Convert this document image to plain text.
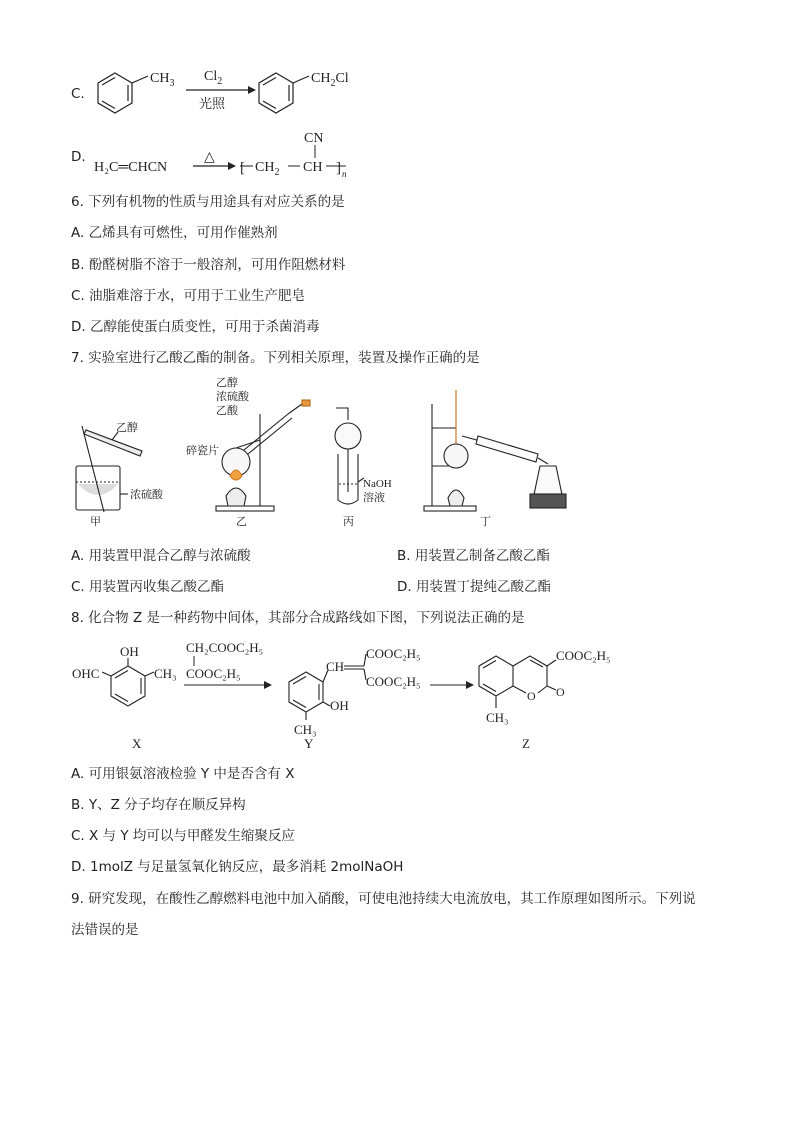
C.
$CH_3$ $Cl_2$
光照
$CH_2Cl$
D.
H₂C═CHCN
△
[ $CH_2$ CH
CN
] n
6. 下列有机物的性质与用途具有对应关系的是
A. 乙烯具有可燃性，可用作催熟剂
B. 酚醛树脂不溶于一般溶剂，可用作阻燃材料
C. 油脂难溶于水，可用于工业生产肥皂
D. 乙醇能使蛋白质变性，可用于杀菌消毒
7. 实验室进行乙酸乙酯的制备。下列相关原理，装置及操作正确的是
乙醇
浓硫酸
甲
乙醇
浓硫酸
乙酸
碎瓷片
乙
NaOH
溶液
丙	丁
A. 用装置甲混合乙醇与浓硫酸	B. 用装置乙制备乙酸乙酯
C. 用装置丙收集乙酸乙酯	D. 用装置丁提纯乙酸乙酯
8. 化合物 Z 是一种药物中间体，其部分合成路线如下图，下列说法正确的是
OH
OHC	CH₃
X
CH₂COOC₂H₅
COOC₂H₅	CH
COOC₂H₅
COOC₂H₅
OH
CH₃
Y
O O
COOC₂H₅
CH₃
Z
A. 可用银氨溶液检验 Y 中是否含有 X
B. Y、Z 分子均存在顺反异构
C. X 与 Y 均可以与甲醛发生缩聚反应
D. 1molZ 与足量氢氧化钠反应，最多消耗 2molNaOH
9. 研究发现，在酸性乙醇燃料电池中加入硝酸，可使电池持续大电流放电，其工作原理如图所示。下列说
法错误的是
